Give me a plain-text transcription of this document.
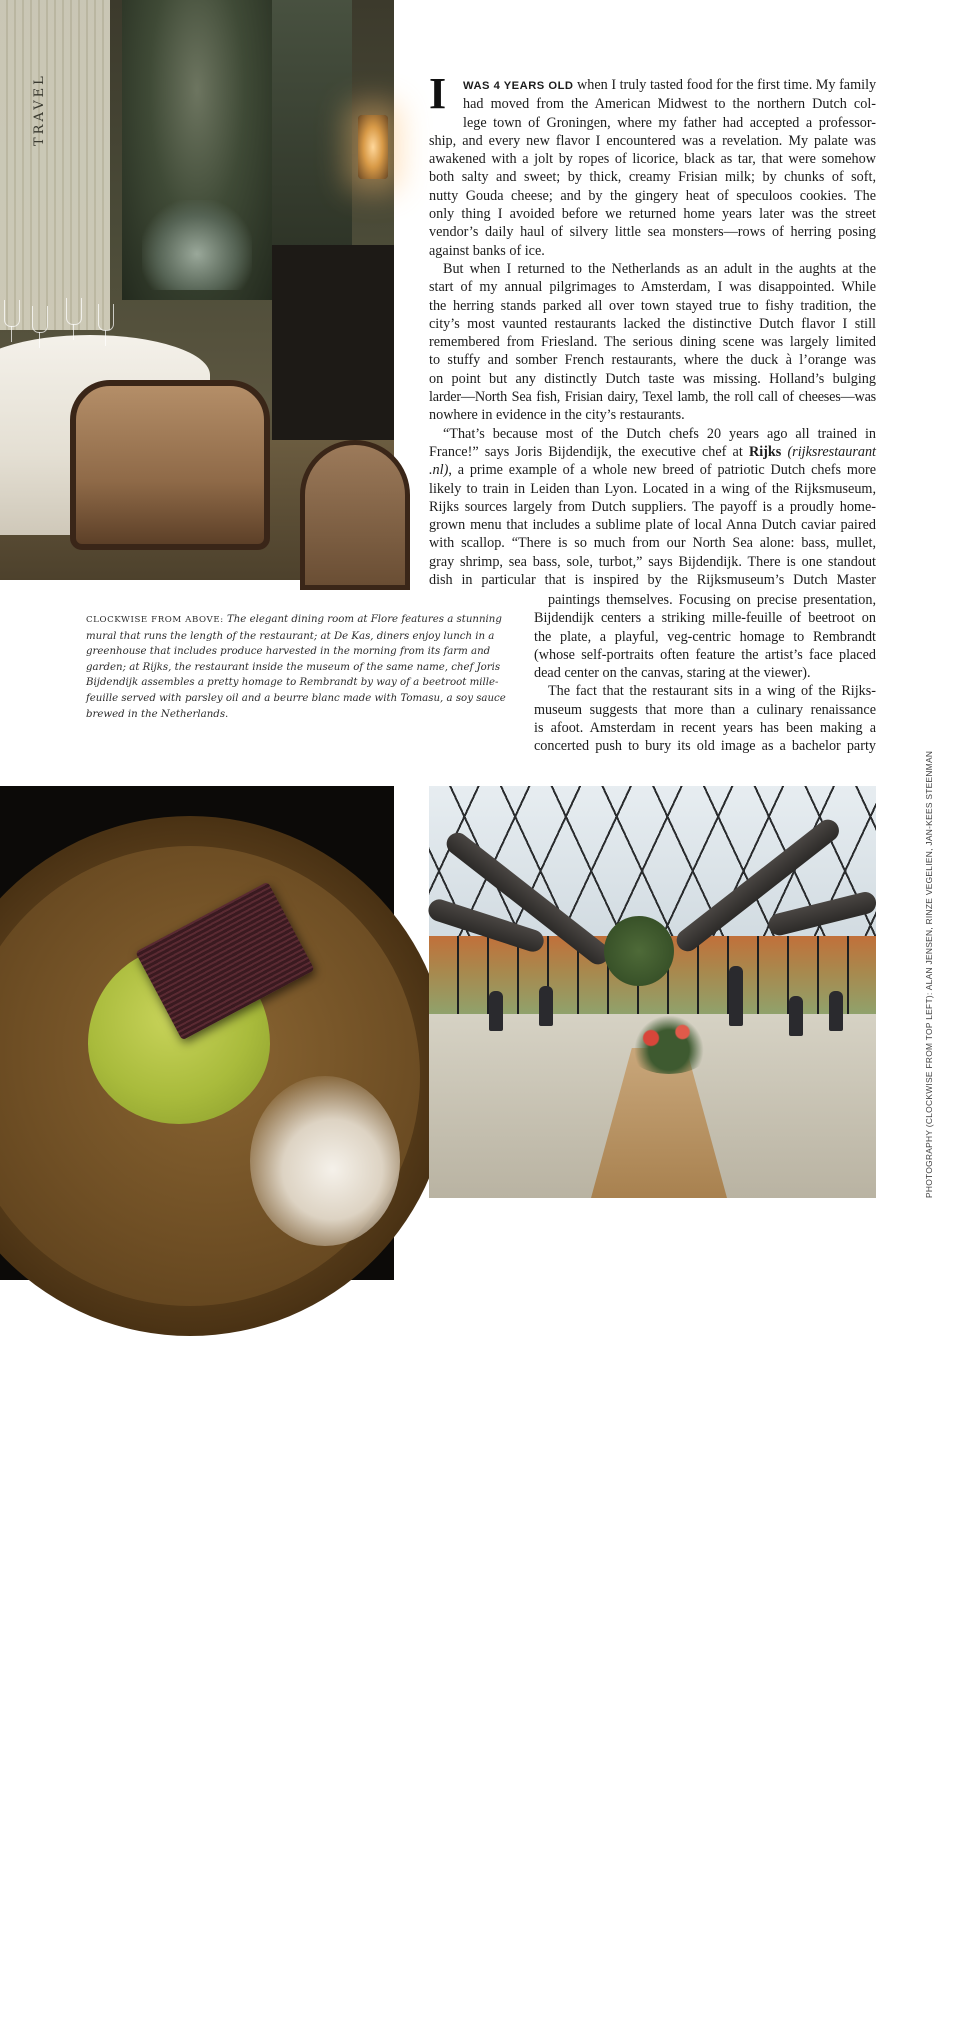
TRAVEL	I	WAS 4 YEARS OLD when I truly tasted food for the first time. My family
had moved from the American Midwest to the northern Dutch col-
lege town of Groningen, where my father had accepted a professor-
ship, and every new flavor I encountered was a revelation. My palate was
awakened with a jolt by ropes of licorice, black as tar, that were somehow
both salty and sweet; by thick, creamy Frisian milk; by chunks of soft,
nutty Gouda cheese; and by the gingery heat of speculoos cookies. The
only thing I avoided before we returned home years later was the street
vendor’s daily haul of silvery little sea monsters—rows of herring posing
against banks of ice.
But when I returned to the Netherlands as an adult in the aughts at the
start of my annual pilgrimages to Amsterdam, I was disappointed. While
the herring stands parked all over town stayed true to fishy tradition, the
city’s most vaunted restaurants lacked the distinctive Dutch flavor I still
remembered from Friesland. The serious dining scene was largely limited
to stuffy and somber French restaurants, where the duck à l’orange was
on point but any distinctly Dutch taste was missing. Holland’s bulging
larder—North Sea fish, Frisian dairy, Texel lamb, the roll call of cheeses—was
nowhere in evidence in the city’s restaurants.
“That’s because most of the Dutch chefs 20 years ago all trained in
France!” says Joris Bijdendijk, the executive chef at Rijks (rijksrestaurant
.nl), a prime example of a whole new breed of patriotic Dutch chefs more
likely to train in Leiden than Lyon. Located in a wing of the Rijksmuseum,
Rijks sources largely from Dutch suppliers. The payoff is a proudly home-
grown menu that includes a sublime plate of local Anna Dutch caviar paired
with scallop. “There is so much from our North Sea alone: bass, mullet,
gray shrimp, sea bass, sole, turbot,” says Bijdendijk. There is one standout
dish in particular that is inspired by the Rijksmuseum’s Dutch Master
paintings themselves. Focusing on precise presentation,
Bijdendijk centers a striking mille-feuille of beetroot on
the plate, a playful, veg-centric homage to Rembrandt
(whose self-portraits often feature the artist’s face placed
dead center on the canvas, staring at the viewer).
The fact that the restaurant sits in a wing of the Rijks-
museum suggests that more than a culinary renaissance
is afoot. Amsterdam in recent years has been making a
concerted push to bury its old image as a bachelor party
CLOCKWISE FROM ABOVE: The elegant dining room at Flore features a stunning mural that runs the length of the restaurant; at De Kas, diners enjoy lunch in a greenhouse that includes produce harvested in the morning from its farm and garden; at Rijks, the restaurant inside the museum of the same name, chef Joris Bijdendijk assembles a pretty homage to Rembrandt by way of a beetroot mille-feuille served with parsley oil and a beurre blanc made with Tomasu, a soy sauce brewed in the Netherlands.
70 FOOD&WINE JUNE 2022
PHOTOGRAPHY (CLOCKWISE FROM TOP LEFT): ALAN JENSEN, RINZE VEGELIEN, JAN-KEES STEENMAN
